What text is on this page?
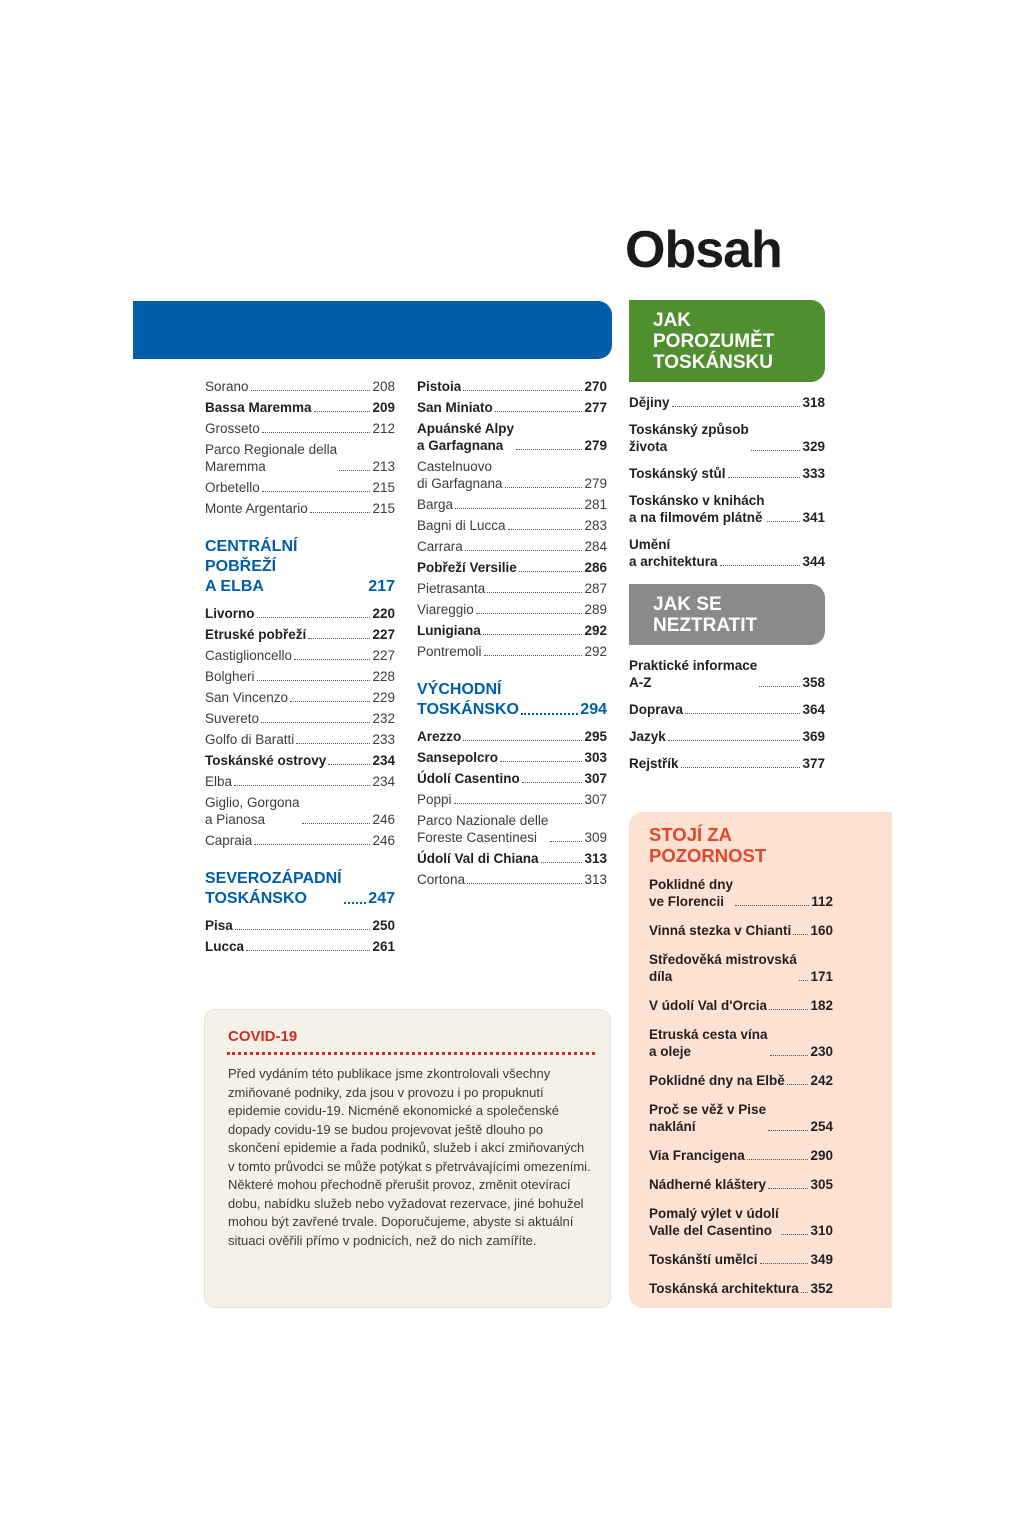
Obsah
Sorano	208
Bassa Maremma	209
Grosseto	212
Parco Regionale della
Maremma	213
Orbetello	215
Monte Argentario	215
CENTRÁLNÍ POBŘEŽÍ
A ELBA	217
Livorno	220
Etruské pobřeží	227
Castiglioncello	227
Bolgheri	228
San Vincenzo	229
Suvereto	232
Golfo di Baratti	233
Toskánské ostrovy	234
Elba	234
Giglio, Gorgona
a Pianosa	246
Capraia	246
SEVEROZÁPADNÍ
TOSKÁNSKO	247
Pisa	250
Lucca	261
Pistoia	270
San Miniato	277
Apuánské Alpy
a Garfagnana	279
Castelnuovo
di Garfagnana	279
Barga	281
Bagni di Lucca	283
Carrara	284
Pobřeží Versilie	286
Pietrasanta	287
Viareggio	289
Lunigiana	292
Pontremoli	292
VÝCHODNÍ
TOSKÁNSKO	294
Arezzo	295
Sansepolcro	303
Údolí Casentino	307
Poppi	307
Parco Nazionale delle
Foreste Casentinesi	309
Údolí Val di Chiana	313
Cortona	313
JAK
POROZUMĚT
TOSKÁNSKU
Dějiny	318
Toskánský způsob
života	329
Toskánský stůl	333
Toskánsko v knihách
a na filmovém plátně	341
Umění
a architektura	344
JAK SE
NEZTRATIT
Praktické informace
A-Z	358
Doprava	364
Jazyk	369
Rejstřík	377
STOJÍ ZA
POZORNOST
Poklidné dny
ve Florencii	112
Vinná stezka v Chianti 160
Středověká mistrovská
díla	171
V údolí Val d'Orcia	182
Etruská cesta vína
a oleje	230
Poklidné dny na Elbě 242
Proč se věž v Pise
naklání	254
Via Francigena	290
Nádherné kláštery	305
Pomalý výlet v údolí
Valle del Casentino	310
Toskánští umělci	349
Toskánská architektura 352
COVID-19

Před vydáním této publikace jsme zkontrolovali všechny zmiňované podniky, zda jsou v provozu i po propuknutí epidemie covidu-19. Nicméně ekonomické a společenské dopady covidu-19 se budou projevovat ještě dlouho po skončení epidemie a řada podniků, služeb i akcí zmiňovaných v tomto průvodci se může potýkat s přetrvávajícími omezeními. Některé mohou přechodně přerušit provoz, změnit otevírací dobu, nabídku služeb nebo vyžadovat rezervace, jiné bohužel mohou být zavřené trvale. Doporučujeme, abyste si aktuální situaci ověřili přímo v podnicích, než do nich zamíříte.
